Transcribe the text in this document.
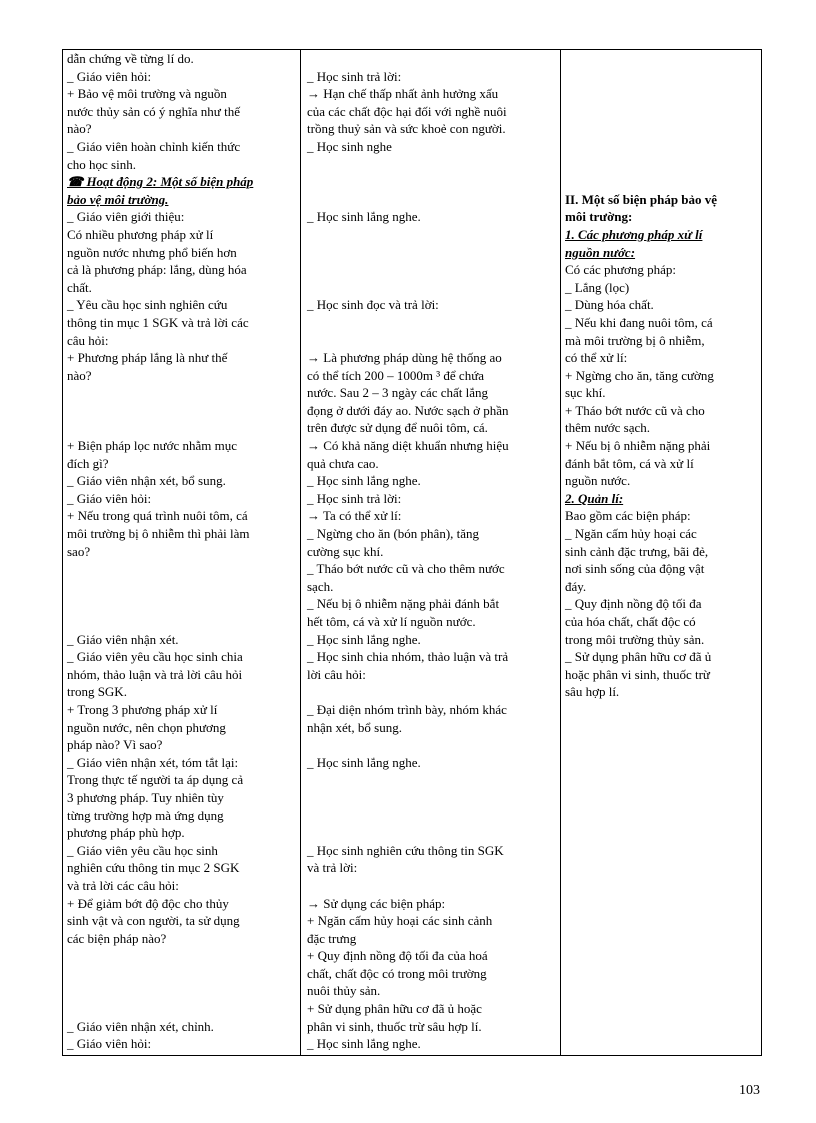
dẫn chứng về từng lí do.
_ Giáo viên hỏi:
+ Bảo vệ môi trường và nguồn
nước thủy sản có ý nghĩa như thế
nào?
_ Giáo viên hoàn chỉnh kiến thức
cho học sinh.
☎ Hoạt động 2: Một số biện pháp
bảo vệ môi trường.
_ Giáo viên giới thiệu:
Có nhiều phương pháp xử lí
nguồn nước nhưng phổ biến hơn
cả là phương pháp: lắng, dùng hóa
chất.
_ Yêu cầu học sinh nghiên cứu
thông tin mục 1 SGK và trả lời các
câu hỏi:
+ Phương pháp lắng là như thế
nào?
+ Biện pháp lọc nước nhằm mục
đích gì?
_ Giáo viên nhận xét, bổ sung.
_ Giáo viên hỏi:
+ Nếu trong quá trình nuôi tôm, cá
môi trường bị ô nhiễm thì phải làm
sao?
_ Giáo viên nhận xét.
_ Giáo viên yêu cầu học sinh chia
nhóm, thảo luận và trả lời câu hỏi
trong SGK.
+ Trong 3 phương pháp xử lí
nguồn nước, nên chọn phương
pháp nào? Vì sao?
_ Giáo viên nhận xét, tóm tắt lại:
Trong thực tế người ta áp dụng cả
3 phương pháp. Tuy nhiên tùy
từng trường hợp mà ứng dụng
phương pháp phù hợp.
_ Giáo viên yêu cầu học sinh
nghiên cứu thông tin mục 2 SGK
và trả lời các câu hỏi:
+ Để giảm bớt độ độc cho thủy
sinh vật và con người, ta sử dụng
các biện pháp nào?
_ Giáo viên nhận xét, chỉnh.
_ Giáo viên hỏi:
_ Học sinh trả lời:
→ Hạn chế thấp nhất ảnh hưởng xấu
của các chất độc hại đối với nghề nuôi
trồng thuỷ sản và sức khoẻ con người.
_ Học sinh nghe
_ Học sinh lắng nghe.
_ Học sinh đọc và trả lời:
→ Là phương pháp dùng hệ thống ao
có thể tích 200 – 1000m ³ để chứa
nước. Sau 2 – 3 ngày các chất lắng
đọng ở dưới đáy ao. Nước sạch ở phần
trên được sử dụng để nuôi tôm, cá.
→ Có khả năng diệt khuẩn nhưng hiệu
quả chưa cao.
_ Học sinh lắng nghe.
_ Học sinh trả lời:
→ Ta có thể xử lí:
_ Ngừng cho ăn (bón phân), tăng
cường sục khí.
_ Tháo bớt nước cũ và cho thêm nước
sạch.
_ Nếu bị ô nhiễm nặng phải đánh bắt
hết tôm, cá và xử lí nguồn nước.
_ Học sinh lắng nghe.
_ Học sinh chia nhóm, thảo luận và trả
lời câu hỏi:
_ Đại diện nhóm trình bày, nhóm khác
nhận xét, bổ sung.
_ Học sinh lắng nghe.
_ Học sinh nghiên cứu thông tin SGK
và trả lời:
→ Sử dụng các biện pháp:
+ Ngăn cấm hủy hoại các sinh cảnh
đặc trưng
+ Quy định nồng độ tối đa của hoá
chất, chất độc có trong môi trường
nuôi thủy sản.
+ Sử dụng phân hữu cơ đã ủ hoặc
phân vi sinh, thuốc trừ sâu hợp lí.
_ Học sinh lắng nghe.
II. Một số biện pháp bảo vệ
môi trường:
1. Các phương pháp xử lí
nguồn nước:
Có các phương pháp:
_ Lắng (lọc)
_ Dùng hóa chất.
_ Nếu khi đang nuôi tôm, cá
mà môi trường bị ô nhiễm,
có thể xử lí:
+ Ngừng cho ăn, tăng cường
sục khí.
+ Tháo bớt nước cũ và cho
thêm nước sạch.
+ Nếu bị ô nhiễm nặng phải
đánh bắt tôm, cá và xử lí
nguồn nước.
2. Quản lí:
Bao gồm các biện pháp:
_ Ngăn cấm hủy hoại các
sinh cảnh đặc trưng, bãi đẻ,
nơi sinh sống của động vật
đáy.
_ Quy định nồng độ tối đa
của hóa chất, chất độc có
trong môi trường thủy sản.
_ Sử dụng phân hữu cơ đã ủ
hoặc phân vi sinh, thuốc trừ
sâu hợp lí.
103
